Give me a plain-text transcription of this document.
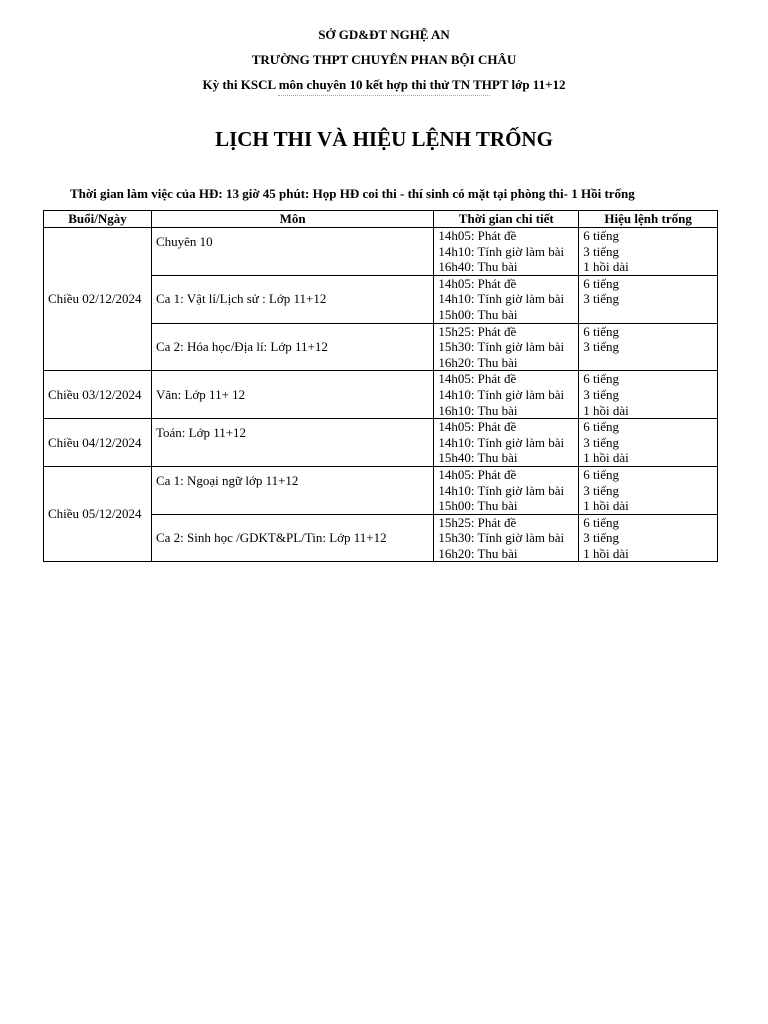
SỞ GD&ĐT NGHỆ AN
TRƯỜNG THPT CHUYÊN PHAN BỘI CHÂU
Kỳ thi KSCL môn chuyên 10 kết hợp thi thử TN THPT lớp 11+12
LỊCH THI VÀ HIỆU LỆNH TRỐNG
Thời gian làm việc của HĐ: 13 giờ 45 phút: Họp HĐ coi thi - thí sinh có mặt tại phòng thi- 1 Hồi trống
Buổi/Ngày	Môn	Thời gian chi tiết	Hiệu lệnh trống
Chiều 02/12/2024	Chuyên 10	14h05: Phát đề
14h10: Tính giờ làm bài
16h40: Thu bài	6 tiếng
3 tiếng
1 hồi dài

	Ca 1: Vật lí/Lịch sử : Lớp 11+12	14h05: Phát đề
14h10: Tính giờ làm bài
15h00: Thu bài	6 tiếng
3 tiếng

	Ca 2: Hóa học/Địa lí: Lớp 11+12	15h25: Phát đề
15h30: Tính giờ làm bài
16h20: Thu bài	6 tiếng
3 tiếng

Chiều 03/12/2024	Văn: Lớp 11+ 12	14h05: Phát đề
14h10: Tính giờ làm bài
16h10: Thu bài	6 tiếng
3 tiếng
1 hồi dài

Chiều 04/12/2024	Toán: Lớp 11+12	14h05: Phát đề
14h10: Tính giờ làm bài
15h40: Thu bài	6 tiếng
3 tiếng
1 hồi dài

Chiều 05/12/2024	Ca 1: Ngoại ngữ lớp 11+12	14h05: Phát đề
14h10: Tính giờ làm bài
15h00: Thu bài	6 tiếng
3 tiếng
1 hồi dài

	Ca 2: Sinh học /GDKT&PL/Tin: Lớp 11+12	15h25: Phát đề
15h30: Tính giờ làm bài
16h20: Thu bài	6 tiếng
3 tiếng
1 hồi dài
